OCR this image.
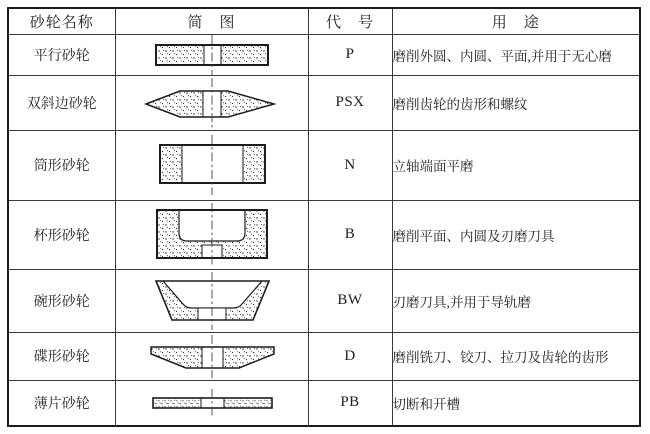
砂轮名称	简　图	代　号	用　途
平行砂轮		P	磨削外圆、内圆、平面,并用于无心磨
双斜边砂轮		PSX	磨削齿轮的齿形和螺纹
筒形砂轮		N	立轴端面平磨
杯形砂轮		B	磨削平面、内圆及刃磨刀具
碗形砂轮		BW	刃磨刀具,并用于导轨磨
碟形砂轮		D	磨削铣刀、铰刀、拉刀及齿轮的齿形
薄片砂轮		PB	切断和开槽
